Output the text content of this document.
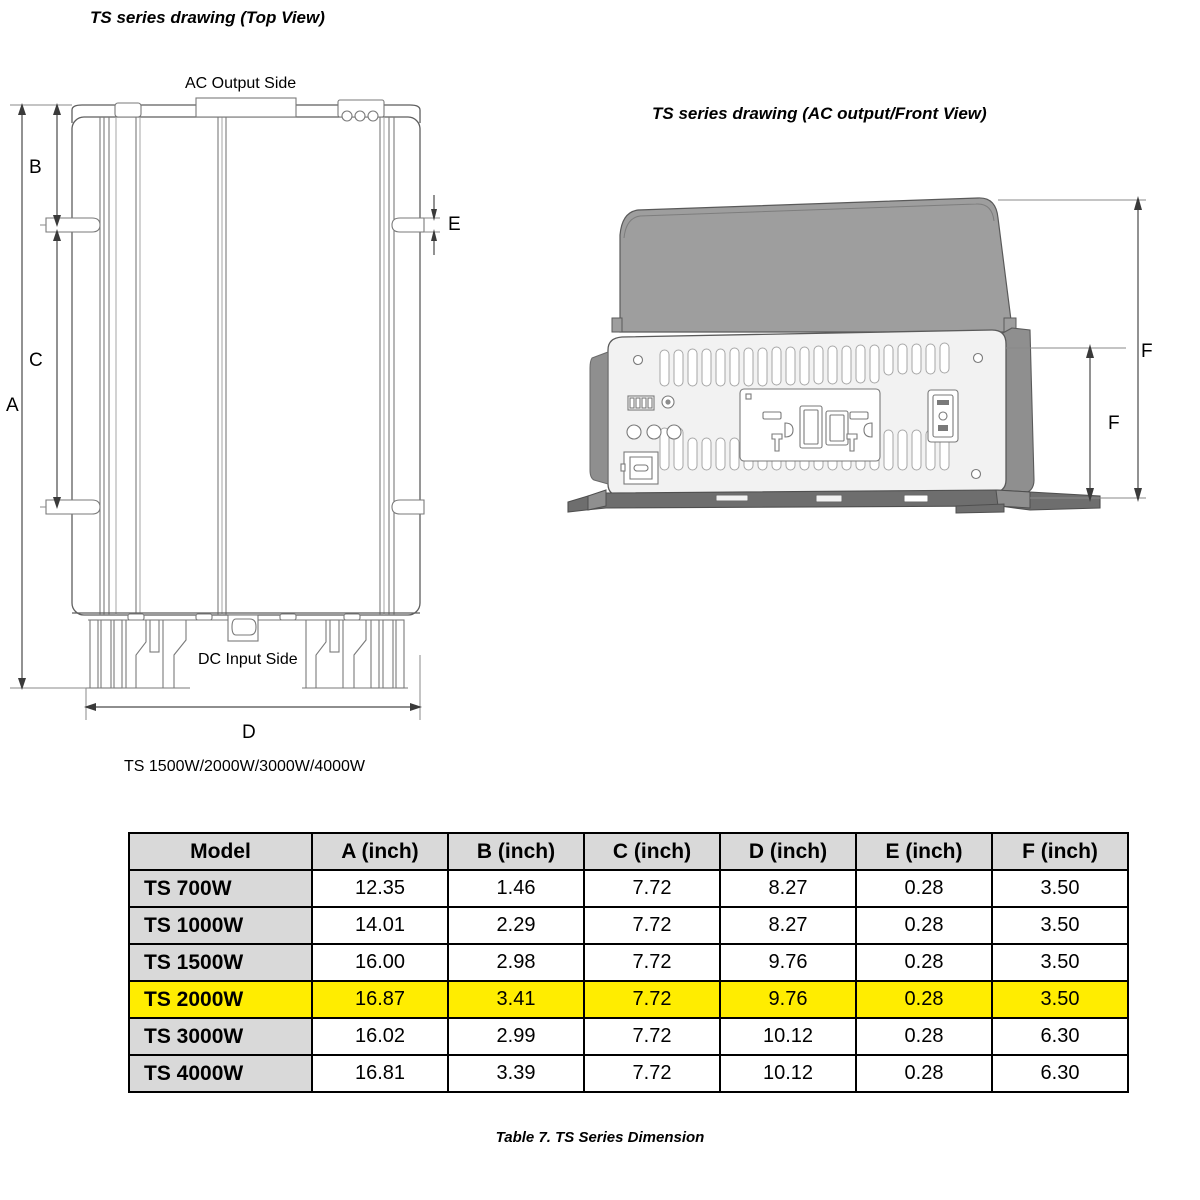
TS series drawing (Top View)
AC Output Side
DC Input Side
TS 1500W/2000W/3000W/4000W
A
B
C
E
D
TS series drawing (AC output/Front View)
F
F
Model	A (inch)	B (inch)	C (inch)	D (inch)	E (inch)	F (inch)
TS 700W	12.35	1.46	7.72	8.27	0.28	3.50
TS 1000W	14.01	2.29	7.72	8.27	0.28	3.50
TS 1500W	16.00	2.98	7.72	9.76	0.28	3.50
TS 2000W	16.87	3.41	7.72	9.76	0.28	3.50
TS 3000W	16.02	2.99	7.72	10.12	0.28	6.30
TS 4000W	16.81	3.39	7.72	10.12	0.28	6.30
Table 7. TS Series Dimension
